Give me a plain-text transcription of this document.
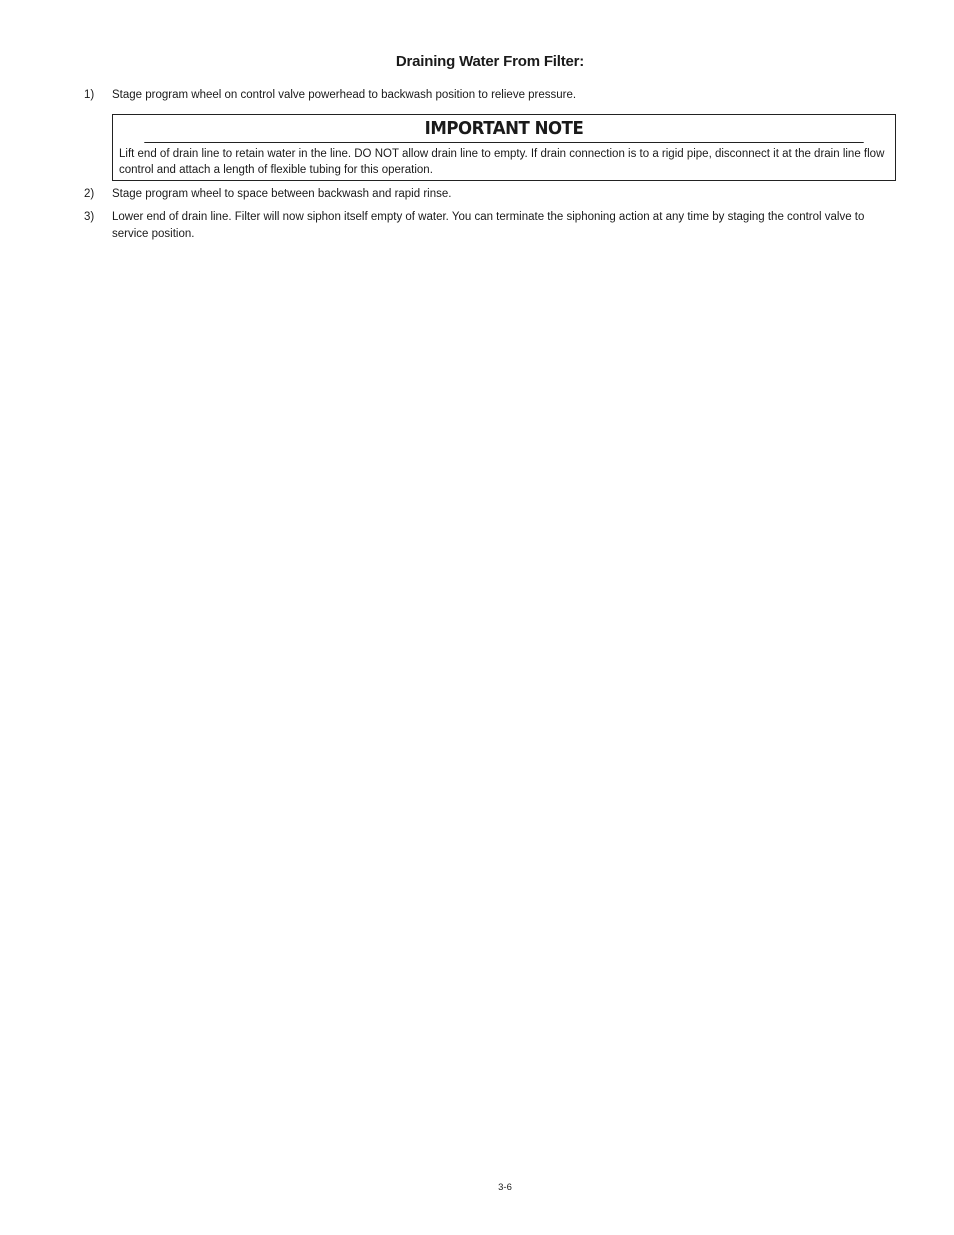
Draining Water From Filter:
1)	Stage program wheel on control valve powerhead to backwash position to relieve pressure.
IMPORTANT NOTE
Lift end of drain line to retain water in the line. DO NOT allow drain line to empty. If drain connection is to a rigid pipe, disconnect it at the drain line flow control and attach a length of flexible tubing for this operation.
2)	Stage program wheel to space between backwash and rapid rinse.
3)	Lower end of drain line. Filter will now siphon itself empty of water. You can terminate the siphoning action at any time by staging the control valve to service position.
3-6
